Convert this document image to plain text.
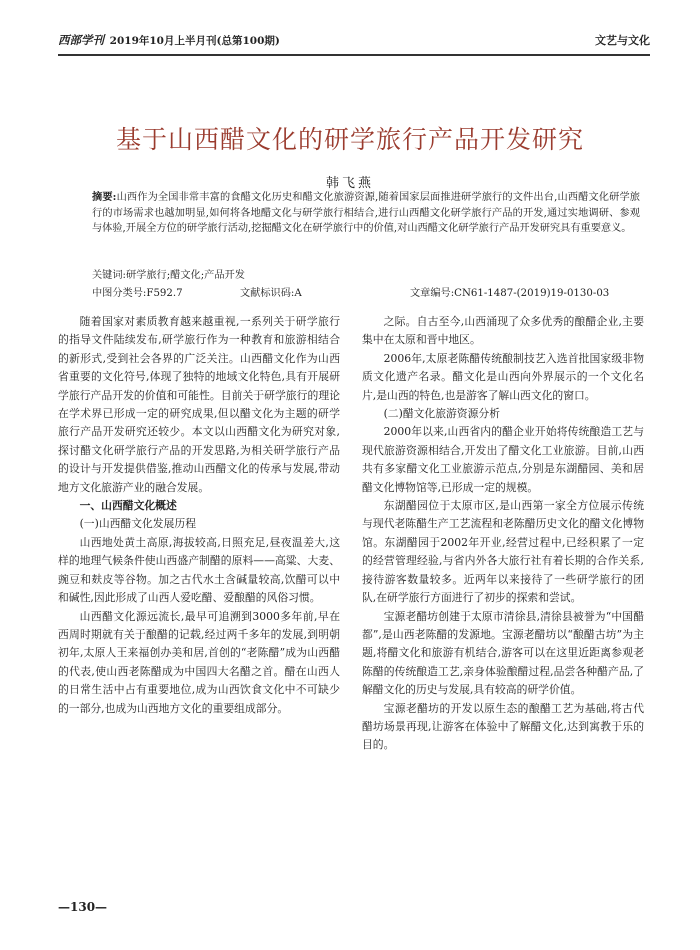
西部学刊 2019年10月上半月刊(总第100期)	文艺与文化
基于山西醋文化的研学旅行产品开发研究
韩飞燕
摘要:山西作为全国非常丰富的食醋文化历史和醋文化旅游资源,随着国家层面推进研学旅行的文件出台,山西醋文化研学旅行的市场需求也越加明显,如何将各地醋文化与研学旅行相结合,进行山西醋文化研学旅行产品的开发,通过实地调研、参观与体验,开展全方位的研学旅行活动,挖掘醋文化在研学旅行中的价值,对山西醋文化研学旅行产品开发研究具有重要意义。
关键词:研学旅行;醋文化;产品开发
中图分类号:F592.7	文献标识码:A	文章编号:CN61-1487-(2019)19-0130-03

随着国家对素质教育越来越重视,一系列关于研学旅行的指导文件陆续发布,研学旅行作为一种教育和旅游相结合的新形式,受到社会各界的广泛关注。山西醋文化作为山西省重要的文化符号,体现了独特的地域文化特色,具有开展研学旅行产品开发的价值和可能性。目前关于研学旅行的理论在学术界已形成一定的研究成果,但以醋文化为主题的研学旅行产品开发研究还较少。本文以山西醋文化为研究对象,探讨醋文化研学旅行产品的开发思路,为相关研学旅行产品的设计与开发提供借鉴,推动山西醋文化的传承与发展,带动地方文化旅游产业的融合发展。

一、山西醋文化概述
(一)山西醋文化发展历程

山西地处黄土高原,海拔较高,日照充足,昼夜温差大,这样的地理气候条件使山西盛产制醋的原料——高粱、大麦、豌豆和麸皮等谷物。加之古代水土含碱量较高,饮醋可以中和碱性,因此形成了山西人爱吃醋、爱酿醋的风俗习惯。

山西醋文化源远流长,最早可追溯到3000多年前,早在西周时期就有关于酿醋的记载,经过两千多年的发展,到明朝初年,太原人王来福创办美和居,首创的“老陈醋”成为山西醋的代表,使山西老陈醋成为中国四大名醋之首。醋在山西人的日常生活中占有重要地位,成为山西饮食文化中不可缺少的一部分,也成为山西地方文化的重要组成部分。

之际。自古至今,山西涌现了众多优秀的酿醋企业,主要集中在太原和晋中地区。

2006年,太原老陈醋传统酿制技艺入选首批国家级非物质文化遗产名录。醋文化是山西向外界展示的一个文化名片,是山西的特色,也是游客了解山西文化的窗口。

(二)醋文化旅游资源分析

2000年以来,山西省内的醋企业开始将传统酿造工艺与现代旅游资源相结合,开发出了醋文化工业旅游。目前,山西共有多家醋文化工业旅游示范点,分别是东湖醋园、美和居醋文化博物馆等,已形成一定的规模。

东湖醋园位于太原市区,是山西第一家全方位展示传统与现代老陈醋生产工艺流程和老陈醋历史文化的醋文化博物馆。东湖醋园于2002年开业,经营过程中,已经积累了一定的经营管理经验,与省内外各大旅行社有着长期的合作关系,接待游客数量较多。近两年以来接待了一些研学旅行的团队,在研学旅行方面进行了初步的探索和尝试。

宝源老醋坊创建于太原市清徐县,清徐县被誉为“中国醋都”,是山西老陈醋的发源地。宝源老醋坊以“酿醋古坊”为主题,将醋文化和旅游有机结合,游客可以在这里近距离参观老陈醋的传统酿造工艺,亲身体验酿醋过程,品尝各种醋产品,了解醋文化的历史与发展,具有较高的研学价值。

宝源老醋坊的开发以原生态的酿醋工艺为基础,将古代醋坊场景再现,让游客在体验中了解醋文化,达到寓教于乐的目的。

—130—
